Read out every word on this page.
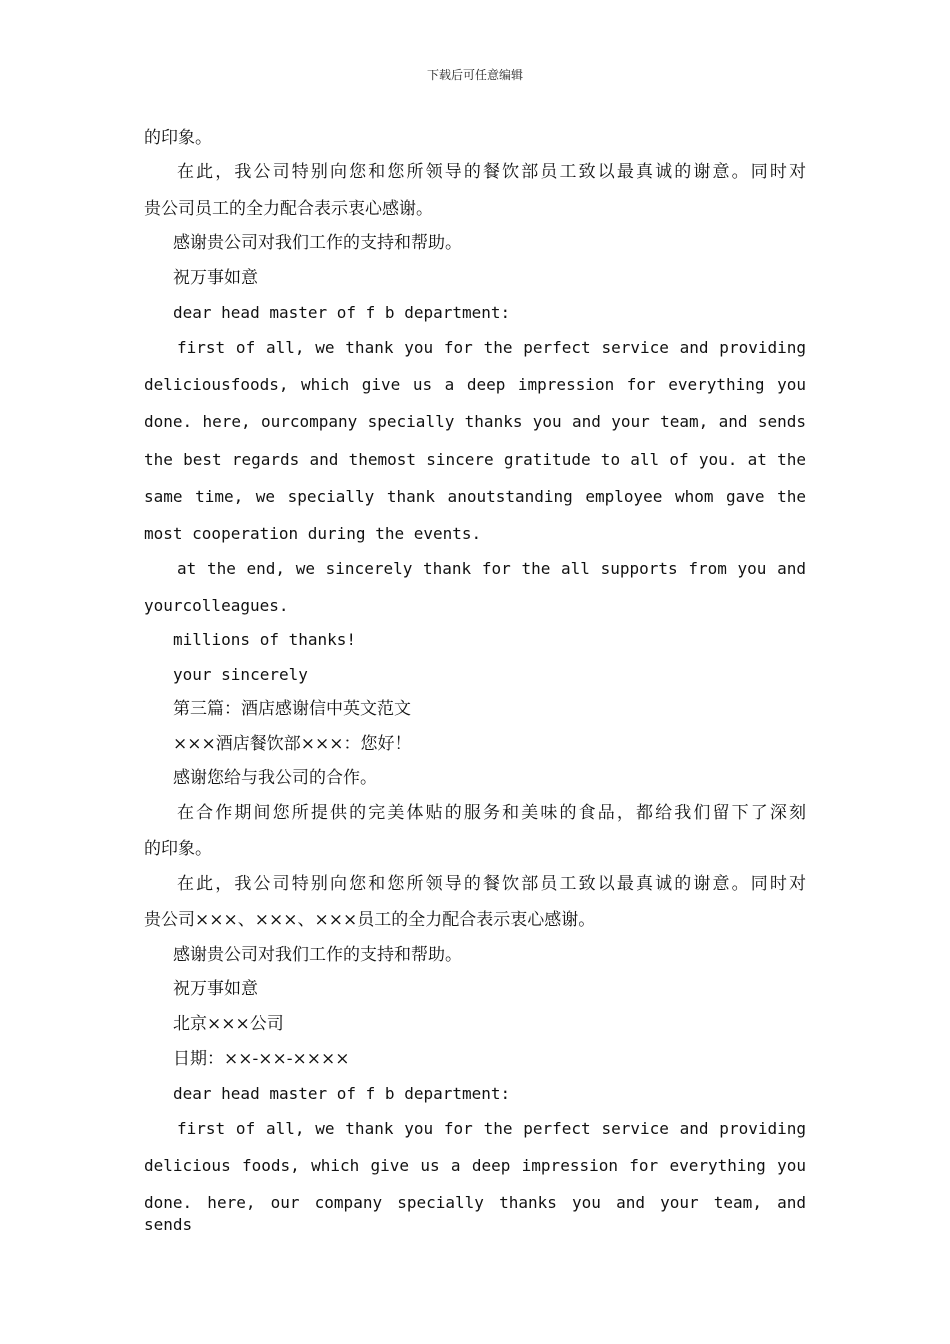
下载后可任意编辑
的印象。
在此，我公司特别向您和您所领导的餐饮部员工致以最真诚的谢意。同时对
贵公司员工的全力配合表示衷心感谢。
感谢贵公司对我们工作的支持和帮助。
祝万事如意
dear head master of f b department:
first of all, we thank you for the perfect service and providing
deliciousfoods, which give us a deep impression for everything you
done. here, ourcompany specially thanks you and your team, and sends
the best regards and themost sincere gratitude to all of you. at the
same time, we specially thank anoutstanding employee whom gave the
most cooperation during the events.
at the end, we sincerely thank for the all supports from you and
yourcolleagues.
millions of thanks!
your sincerely
第三篇：酒店感谢信中英文范文
×××酒店餐饮部×××：您好！
感谢您给与我公司的合作。
在合作期间您所提供的完美体贴的服务和美味的食品，都给我们留下了深刻
的印象。
在此，我公司特别向您和您所领导的餐饮部员工致以最真诚的谢意。同时对
贵公司×××、×××、×××员工的全力配合表示衷心感谢。
感谢贵公司对我们工作的支持和帮助。
祝万事如意
北京×××公司
日期：××-××-××××
dear head master of f b department:
first of all, we thank you for the perfect service and providing
delicious foods, which give us a deep impression for everything you
done. here, our company specially thanks you and your team, and sends
